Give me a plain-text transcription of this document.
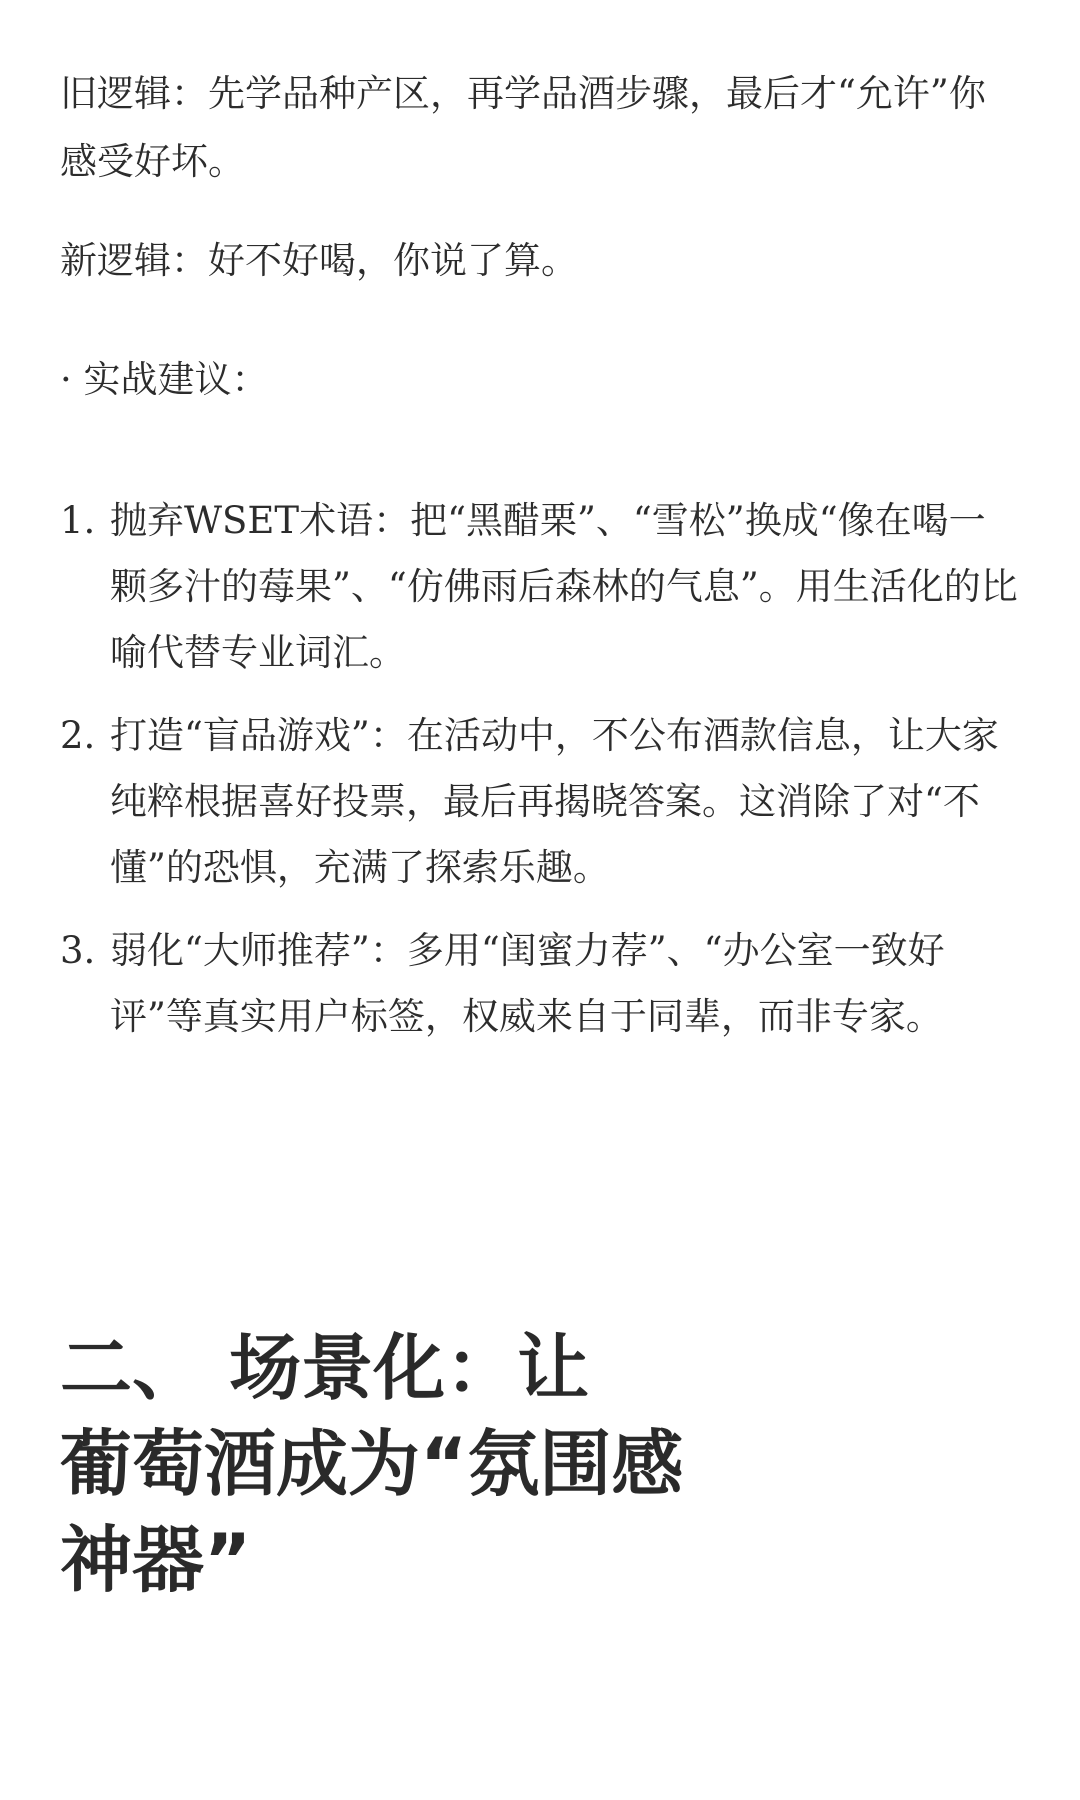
旧逻辑：先学品种产区，再学品酒步骤，最后才“允许”你感受好坏。

新逻辑：好不好喝，你说了算。

· 实战建议：

1. 抛弃WSET术语：把“黑醋栗”、“雪松”换成“像在喝一颗多汁的莓果”、“仿佛雨后森林的气息”。用生活化的比喻代替专业词汇。
2. 打造“盲品游戏”：在活动中，不公布酒款信息，让大家纯粹根据喜好投票，最后再揭晓答案。这消除了对“不懂”的恐惧，充满了探索乐趣。
3. 弱化“大师推荐”：多用“闺蜜力荐”、“办公室一致好评”等真实用户标签，权威来自于同辈，而非专家。
二、 场景化：让
葡萄酒成为“氛围感
神器”
